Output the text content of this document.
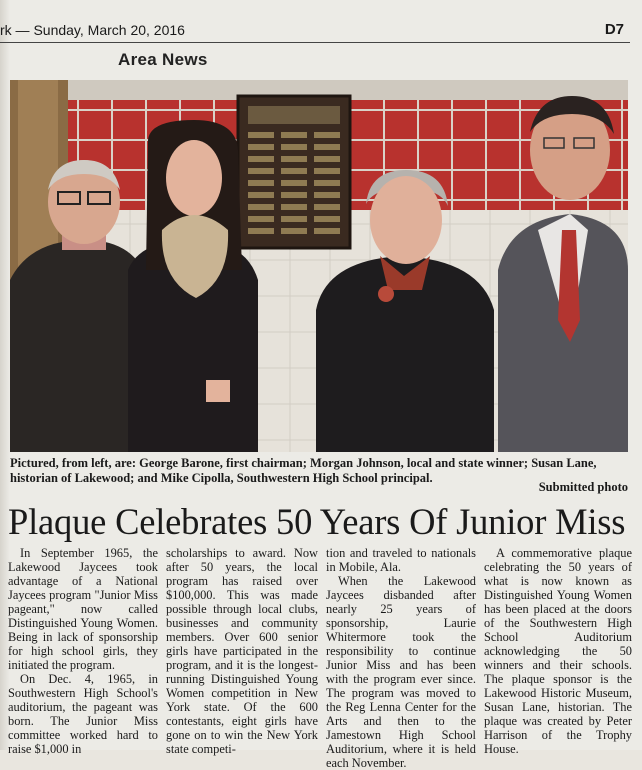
rk — Sunday, March 20, 2016	D7
Area News
Pictured, from left, are: George Barone, first chairman; Morgan Johnson, local and state winner; Susan Lane, historian of Lakewood; and Mike Cipolla, Southwestern High School principal.
Submitted photo
Plaque Celebrates 50 Years Of Junior Miss

In September 1965, the Lakewood Jaycees took advantage of a National Jaycees program "Junior Miss pageant," now called Distinguished Young Women. Being in lack of sponsorship for high school girls, they initiated the program.

On Dec. 4, 1965, in Southwestern High School's auditorium, the pageant was born. The Junior Miss committee worked hard to raise $1,000 in

scholarships to award. Now after 50 years, the local program has raised over $100,000. This was made possible through local clubs, businesses and community members. Over 600 senior girls have participated in the program, and it is the longest-running Distinguished Young Women competition in New York state. Of the 600 contestants, eight girls have gone on to win the New York state competi-

tion and traveled to nationals in Mobile, Ala.

When the Lakewood Jaycees disbanded after nearly 25 years of sponsorship, Laurie Whitermore took the responsibility to continue Junior Miss and has been with the program ever since. The program was moved to the Reg Lenna Center for the Arts and then to the Jamestown High School Auditorium, where it is held each November.

A commemorative plaque celebrating the 50 years of what is now known as Distinguished Young Women has been placed at the doors of the Southwestern High School Auditorium acknowledging the 50 winners and their schools. The plaque sponsor is the Lakewood Historic Museum, Susan Lane, historian. The plaque was created by Peter Harrison of the Trophy House.
